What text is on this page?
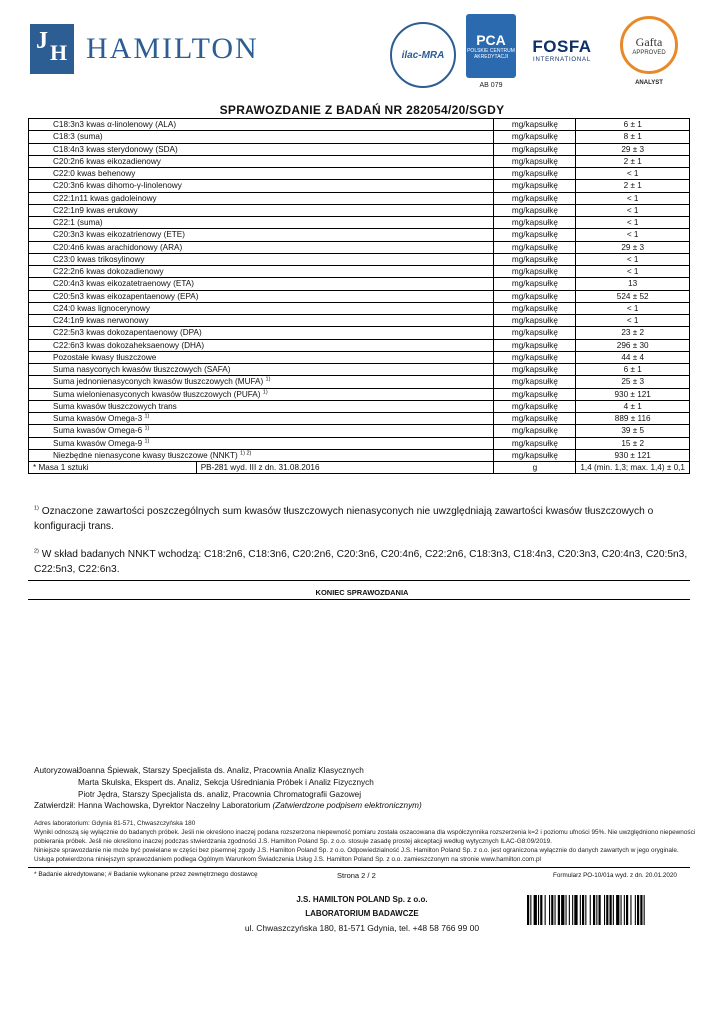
J H HAMILTON	ilac-MRA
PCA
POLSKIE CENTRUM AKREDYTACJI
AB 079
FOSFA
INTERNATIONAL
Gafta
APPROVED
ANALYST
SPRAWOZDANIE Z BADAŃ NR 282054/20/SGDY
C18:3n3 kwas α-linolenowy (ALA)		mg/kapsułkę	6 ± 1
C18:3 (suma)		mg/kapsułkę	8 ± 1
C18:4n3 kwas sterydonowy (SDA)		mg/kapsułkę	29 ± 3
C20:2n6 kwas eikozadienowy		mg/kapsułkę	2 ± 1
C22:0 kwas behenowy		mg/kapsułkę	< 1
C20:3n6 kwas dihomo-γ-linolenowy		mg/kapsułkę	2 ± 1
C22:1n11 kwas gadoleinowy		mg/kapsułkę	< 1
C22:1n9 kwas erukowy		mg/kapsułkę	< 1
C22:1 (suma)		mg/kapsułkę	< 1
C20:3n3 kwas eikozatrienowy (ETE)		mg/kapsułkę	< 1
C20:4n6 kwas arachidonowy (ARA)		mg/kapsułkę	29 ± 3
C23:0 kwas trikosylinowy		mg/kapsułkę	< 1
C22:2n6 kwas dokozadienowy		mg/kapsułkę	< 1
C20:4n3 kwas eikozatetraenowy (ETA)		mg/kapsułkę	13
C20:5n3 kwas eikozapentaenowy (EPA)		mg/kapsułkę	524 ± 52
C24:0 kwas lignocerynowy		mg/kapsułkę	< 1
C24:1n9 kwas nerwonowy		mg/kapsułkę	< 1
C22:5n3 kwas dokozapentaenowy (DPA)		mg/kapsułkę	23 ± 2
C22:6n3 kwas dokozaheksaenowy (DHA)		mg/kapsułkę	296 ± 30
Pozostałe kwasy tłuszczowe		mg/kapsułkę	44 ± 4
Suma nasyconych kwasów tłuszczowych (SAFA)		mg/kapsułkę	6 ± 1
Suma jednonienasyconych kwasów tłuszczowych (MUFA) $^{1)}$		mg/kapsułkę	25 ± 3
Suma wielonienasyconych kwasów tłuszczowych (PUFA) $^{1)}$		mg/kapsułkę	930 ± 121
Suma kwasów tłuszczowych trans		mg/kapsułkę	4 ± 1
Suma kwasów Omega-3 $^{1)}$		mg/kapsułkę	889 ± 116
Suma kwasów Omega-6 $^{1)}$		mg/kapsułkę	39 ± 5
Suma kwasów Omega-9 $^{1)}$		mg/kapsułkę	15 ± 2
Niezbędne nienasycone kwasy tłuszczowe (NNKT) $^{1) 2)}$		mg/kapsułkę	930 ± 121
* Masa 1 sztuki	PB-281 wyd. III z dn. 31.08.2016	g	1,4 (min. 1,3; max. 1,4) ± 0,1
$^{1)}$ Oznaczone zawartości poszczególnych sum kwasów tłuszczowych nienasyconych nie uwzględniają zawartości kwasów tłuszczowych o konfiguracji trans.
$^{2)}$ W skład badanych NNKT wchodzą: C18:2n6, C18:3n6, C20:2n6, C20:3n6, C20:4n6, C22:2n6, C18:3n3, C18:4n3, C20:3n3, C20:4n3, C20:5n3, C22:5n3, C22:6n3.
KONIEC SPRAWOZDANIA
Autoryzował:
Joanna Śpiewak, Starszy Specjalista ds. Analiz, Pracownia Analiz Klasycznych
Marta Skulska, Ekspert ds. Analiz, Sekcja Uśredniania Próbek i Analiz Fizycznych
Piotr Jędra, Starszy Specjalista ds. analiz, Pracownia Chromatografii Gazowej
Zatwierdził: Hanna Wachowska, Dyrektor Naczelny Laboratorium (Zatwierdzone podpisem elektronicznym)
Adres laboratorium: Gdynia 81-571, Chwaszczyńska 180
Wyniki odnoszą się wyłącznie do badanych próbek. Jeśli nie określono inaczej podana rozszerzona niepewność pomiaru została oszacowana dla współczynnika rozszerzenia k=2 i poziomu ufności 95%. Nie uwzględniono niepewności pobierania próbek. Jeśli nie określono inaczej podczas stwierdzania zgodności J.S. Hamilton Poland Sp. z o.o. stosuje zasadę prostej akceptacji według wytycznych ILAC-G8:09/2019.
Niniejsze sprawozdanie nie może być powielane w części bez pisemnej zgody J.S. Hamilton Poland Sp. z o.o. Odpowiedzialność J.S. Hamilton Poland Sp. z o.o. jest ograniczona wyłącznie do danych zawartych w jego oryginale. Usługa potwierdzona niniejszym sprawozdaniem podlega Ogólnym Warunkom Świadczenia Usług J.S. Hamilton Poland Sp. z o.o. zamieszczonym na stronie www.hamilton.com.pl
* Badanie akredytowane; # Badanie wykonane przez zewnętrznego dostawcę	Strona 2 / 2	Formularz PO-10/01a wyd. z dn. 20.01.2020
J.S. HAMILTON POLAND Sp. z o.o.
LABORATORIUM BADAWCZE
ul. Chwaszczyńska 180, 81-571 Gdynia, tel. +48 58 766 99 00
